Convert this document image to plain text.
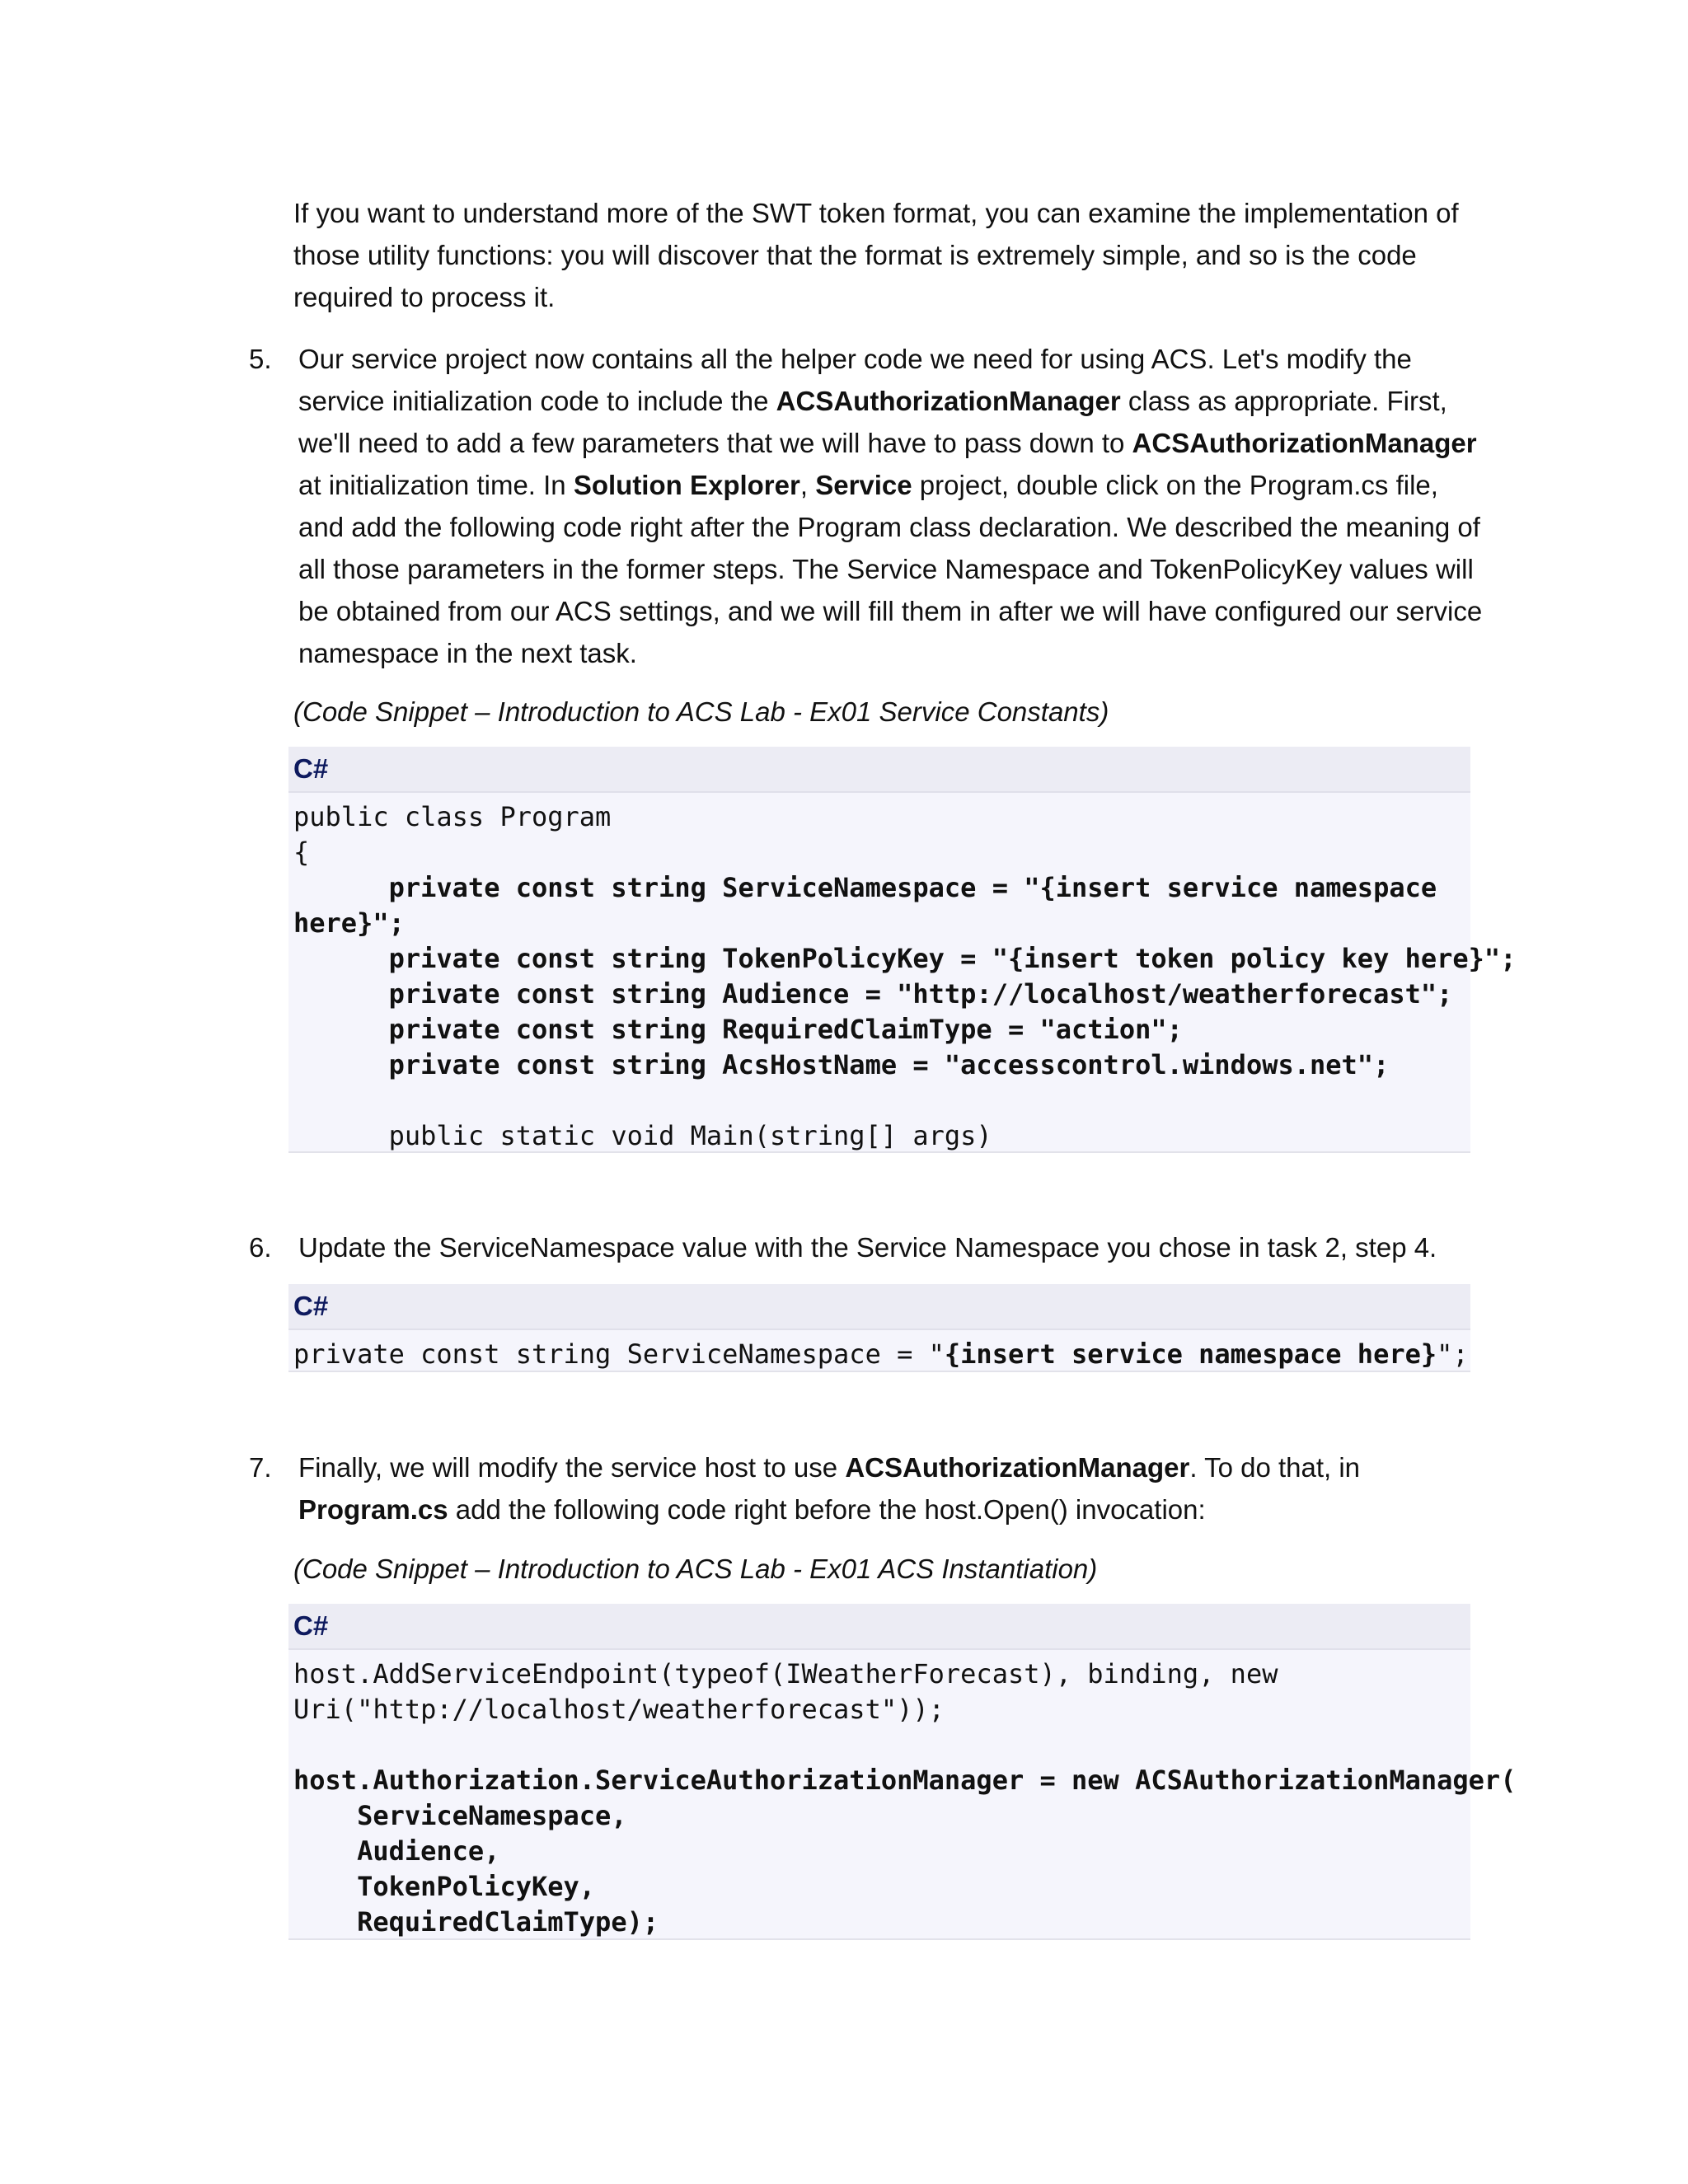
If you want to understand more of the SWT token format, you can examine the implementation of those utility functions: you will discover that the format is extremely simple, and so is the code required to process it.

5. Our service project now contains all the helper code we need for using ACS. Let's modify the service initialization code to include the ACSAuthorizationManager class as appropriate. First, we'll need to add a few parameters that we will have to pass down to ACSAuthorizationManager at initialization time. In Solution Explorer, Service project, double click on the Program.cs file, and add the following code right after the Program class declaration. We described the meaning of all those parameters in the former steps. The Service Namespace and TokenPolicyKey values will be obtained from our ACS settings, and we will fill them in after we will have configured our service namespace in the next task.
(Code Snippet – Introduction to ACS Lab - Ex01 Service Constants)
C#
public class Program
{
private const string ServiceNamespace = "{insert service namespace
here}";
private const string TokenPolicyKey = "{insert token policy key here}";
private const string Audience = "http://localhost/weatherforecast";
private const string RequiredClaimType = "action";
private const string AcsHostName = "accesscontrol.windows.net";
public static void Main(string[] args)
6. Update the ServiceNamespace value with the Service Namespace you chose in task 2, step 4.
C#
private const string ServiceNamespace = "{insert service namespace here}";
7. Finally, we will modify the service host to use ACSAuthorizationManager. To do that, in Program.cs add the following code right before the host.Open() invocation:
(Code Snippet – Introduction to ACS Lab - Ex01 ACS Instantiation)
C#
host.AddServiceEndpoint(typeof(IWeatherForecast), binding, new
Uri("http://localhost/weatherforecast"));
host.Authorization.ServiceAuthorizationManager = new ACSAuthorizationManager(
ServiceNamespace,
Audience,
TokenPolicyKey,
RequiredClaimType);
